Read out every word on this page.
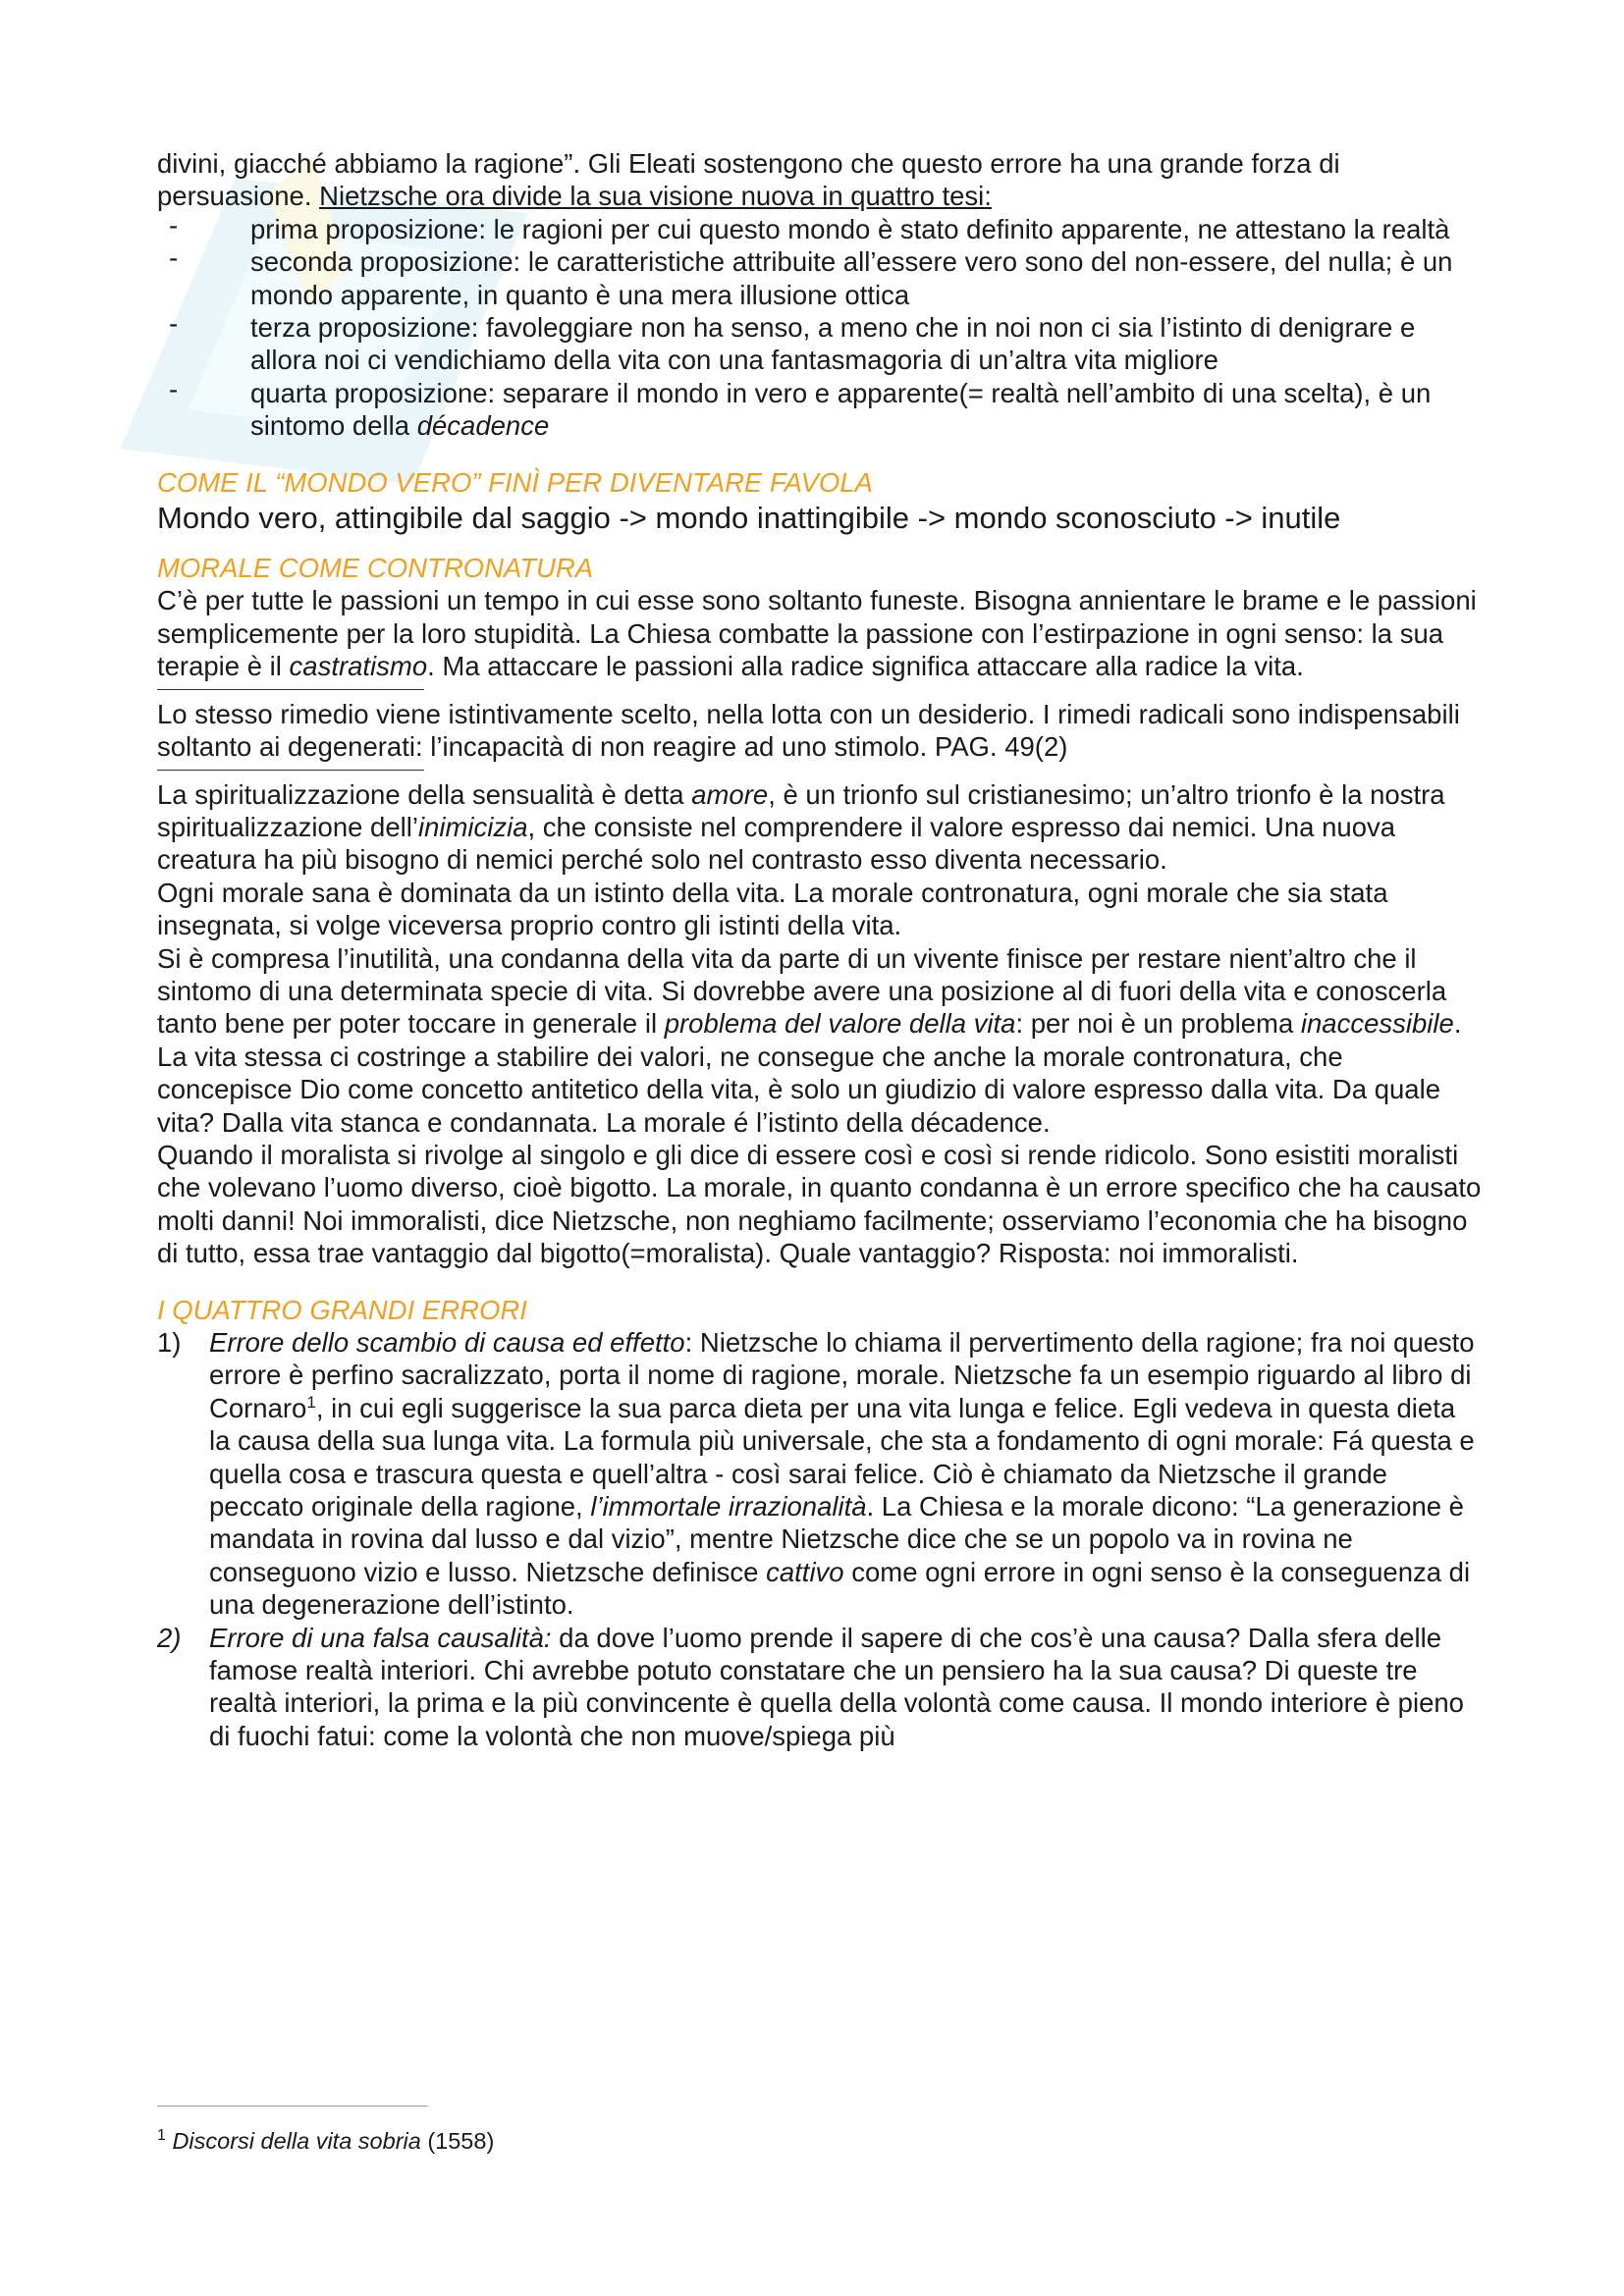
divini, giacché abbiamo la ragione”. Gli Eleati sostengono che questo errore ha una grande forza di

persuasione. Nietzsche ora divide la sua visione nuova in quattro tesi:

- prima proposizione: le ragioni per cui questo mondo è stato definito apparente, ne attestano la realtà

- seconda proposizione: le caratteristiche attribuite all’essere vero sono del non-essere, del nulla; è un mondo apparente, in quanto è una mera illusione ottica

- terza proposizione: favoleggiare non ha senso, a meno che in noi non ci sia l’istinto di denigrare e allora noi ci vendichiamo della vita con una fantasmagoria di un’altra vita migliore

- quarta proposizione: separare il mondo in vero e apparente(= realtà nell’ambito di una scelta), è un sintomo della décadence

COME IL “MONDO VERO” FINÌ PER DIVENTARE FAVOLA

Mondo vero, attingibile dal saggio -> mondo inattingibile -> mondo sconosciuto -> inutile

MORALE COME CONTRONATURA

C’è per tutte le passioni un tempo in cui esse sono soltanto funeste. Bisogna annientare le brame e le passioni semplicemente per la loro stupidità. La Chiesa combatte la passione con l’estirpazione in ogni senso: la sua terapie è il castratismo. Ma attaccare le passioni alla radice significa attaccare alla radice la vita.

Lo stesso rimedio viene istintivamente scelto, nella lotta con un desiderio. I rimedi radicali sono indispensabili soltanto ai degenerati: l’incapacità di non reagire ad uno stimolo. PAG. 49(2)

La spiritualizzazione della sensualità è detta amore, è un trionfo sul cristianesimo; un’altro trionfo è la nostra spiritualizzazione dell’inimicizia, che consiste nel comprendere il valore espresso dai nemici. Una nuova creatura ha più bisogno di nemici perché solo nel contrasto esso diventa necessario.

Ogni morale sana è dominata da un istinto della vita. La morale contronatura, ogni morale che sia stata insegnata, si volge viceversa proprio contro gli istinti della vita.

Si è compresa l’inutilità, una condanna della vita da parte di un vivente finisce per restare nient’altro che il sintomo di una determinata specie di vita. Si dovrebbe avere una posizione al di fuori della vita e conoscerla tanto bene per poter toccare in generale il problema del valore della vita: per noi è un problema inaccessibile. La vita stessa ci costringe a stabilire dei valori, ne consegue che anche la morale contronatura, che concepisce Dio come concetto antitetico della vita, è solo un giudizio di valore espresso dalla vita. Da quale vita? Dalla vita stanca e condannata. La morale é l’istinto della décadence.

Quando il moralista si rivolge al singolo e gli dice di essere così e così si rende ridicolo. Sono esistiti moralisti che volevano l’uomo diverso, cioè bigotto. La morale, in quanto condanna è un errore specifico che ha causato molti danni! Noi immoralisti, dice Nietzsche, non neghiamo facilmente; osserviamo l’economia che ha bisogno di tutto, essa trae vantaggio dal bigotto(=moralista). Quale vantaggio? Risposta: noi immoralisti.

I QUATTRO GRANDI ERRORI

1) Errore dello scambio di causa ed effetto: Nietzsche lo chiama il pervertimento della ragione; fra noi questo errore è perfino sacralizzato, porta il nome di ragione, morale. Nietzsche fa un esempio riguardo al libro di Cornaro$^1$, in cui egli suggerisce la sua parca dieta per una vita lunga e felice. Egli vedeva in questa dieta la causa della sua lunga vita. La formula più universale, che sta a fondamento di ogni morale: Fá questa e quella cosa e trascura questa e quell’altra - così sarai felice. Ciò è chiamato da Nietzsche il grande peccato originale della ragione, l’immortale irrazionalità. La Chiesa e la morale dicono: “La generazione è mandata in rovina dal lusso e dal vizio”, mentre Nietzsche dice che se un popolo va in rovina ne conseguono vizio e lusso. Nietzsche definisce cattivo come ogni errore in ogni senso è la conseguenza di una degenerazione dell’istinto.

2) Errore di una falsa causalità: da dove l’uomo prende il sapere di che cos’è una causa? Dalla sfera delle famose realtà interiori. Chi avrebbe potuto constatare che un pensiero ha la sua causa? Di queste tre realtà interiori, la prima e la più convincente è quella della volontà come causa. Il mondo interiore è pieno di fuochi fatui: come la volontà che non muove/spiega più

$^1$ Discorsi della vita sobria (1558)
